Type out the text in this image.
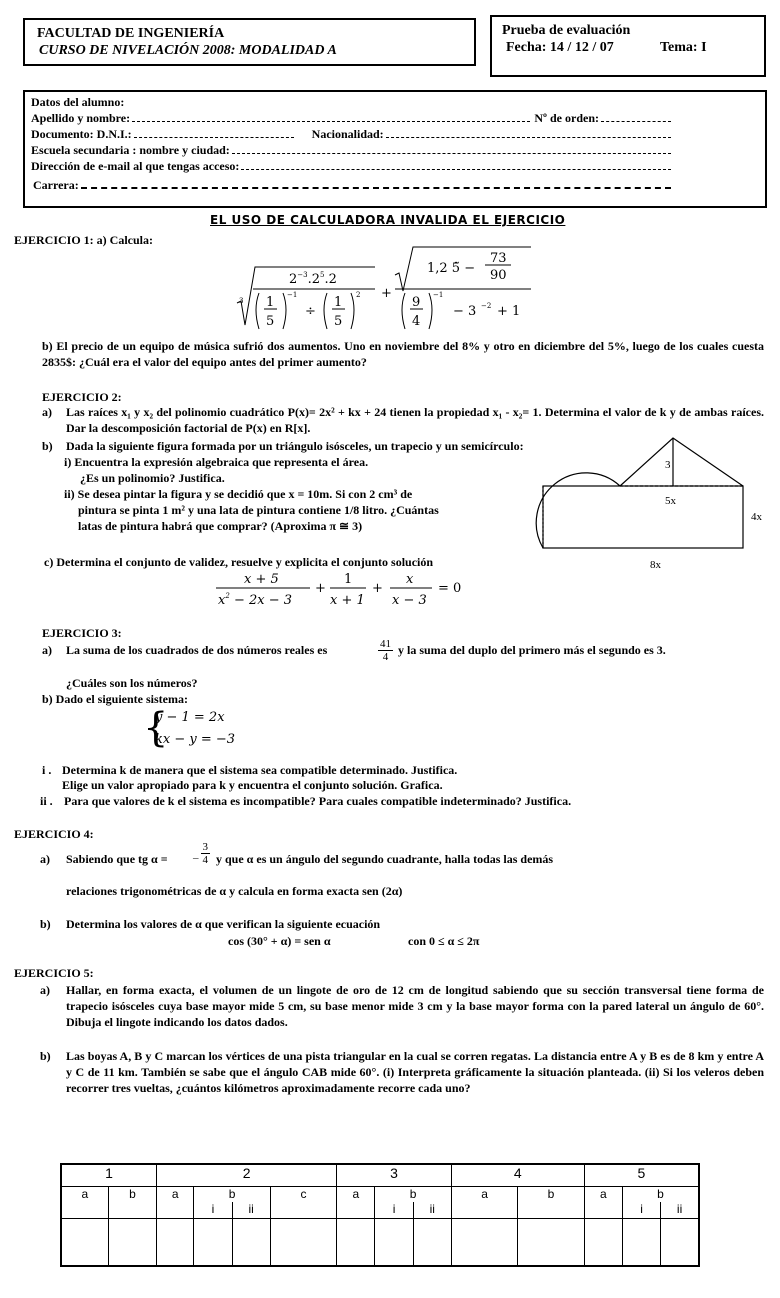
FACULTAD DE INGENIERÍA
CURSO DE NIVELACIÓN 2008: MODALIDAD A
Prueba de evaluación
Fecha: 14 / 12 / 07	Tema: I
Datos del alumno:
Apellido y nombre:	Nº de orden:
Documento: D.N.I.:	Nacionalidad:
Escuela secundaria : nombre y ciudad:
Dirección de e-mail al que tengas acceso:
Carrera:
EL USO DE CALCULADORA INVALIDA EL EJERCICIO
EJERCICIO 1: a) Calcula:
3
$2^{-3}.2^5.2$
1
5
−1
÷
1
5
2 +
1,2 5̃ −
73
90
9
4
−1
− 3 −2 + 1
b) El precio de un equipo de música sufrió dos aumentos. Uno en noviembre del 8% y otro en diciembre del 5%, luego de los cuales cuesta 2835$: ¿Cuál era el valor del equipo antes del primer aumento?
EJERCICIO 2:
a) Las raíces x₁ y x₂ del polinomio cuadrático P(x)= 2x² + kx + 24 tienen la propiedad x₁ - x₂= 1. Determina el valor de k y de ambas raíces. Dar la descomposición factorial de P(x) en R[x].
b) Dada la siguiente figura formada por un triángulo isósceles, un trapecio y un semicírculo:
i) Encuentra la expresión algebraica que representa el área.
¿Es un polinomio? Justifica.
ii) Se desea pintar la figura y se decidió que x = 10m. Si con 2 cm³ de
pintura se pinta 1 m² y una lata de pintura contiene 1/8 litro. ¿Cuántas
latas de pintura habrá que comprar? (Aproxima π ≅ 3)
3
5x
4x
8x
c) Determina el conjunto de validez, resuelve y explicita el conjunto solución
x + 5
$x^2 - 2x - 3$
+
1
x + 1
+
x
x − 3
= 0
EJERCICIO 3:
a) La suma de los cuadrados de dos números reales es	$\frac{41}{4}$ y la suma del duplo del primero más el segundo es 3.
¿Cuáles son los números?
b) Dado el siguiente sistema:
{
y − 1 = 2x
kx − y = −3
i . Determina k de manera que el sistema sea compatible determinado. Justifica.
Elige un valor apropiado para k y encuentra el conjunto solución. Grafica.
ii . Para que valores de k el sistema es incompatible? Para cuales compatible indeterminado? Justifica.
EJERCICIO 4:
a) Sabiendo que tg α = _ $\frac{3}{4}$ y que α es un ángulo del segundo cuadrante, halla todas las demás
relaciones trigonométricas de α y calcula en forma exacta sen (2α)
b) Determina los valores de α que verifican la siguiente ecuación
cos (30° + α) = sen α	con 0 ≤ α ≤ 2π
EJERCICIO 5:
a) Hallar, en forma exacta, el volumen de un lingote de oro de 12 cm de longitud sabiendo que su sección transversal tiene forma de trapecio isósceles cuya base mayor mide 5 cm, su base menor mide 3 cm y la base mayor forma con la pared lateral un ángulo de 60°. Dibuja el lingote indicando los datos dados.
b) Las boyas A, B y C marcan los vértices de una pista triangular en la cual se corren regatas. La distancia entre A y B es de 8 km y entre A y C de 11 km. También se sabe que el ángulo CAB mide 60°. (i) Interpreta gráficamente la situación planteada. (ii) Si los veleros deben recorrer tres vueltas, ¿cuántos kilómetros aproximadamente recorre cada uno?
1		2				3			4		5		
a	b	a	b		c	a	b		a	b	a	b	
			i	ii			i	ii				i	ii
